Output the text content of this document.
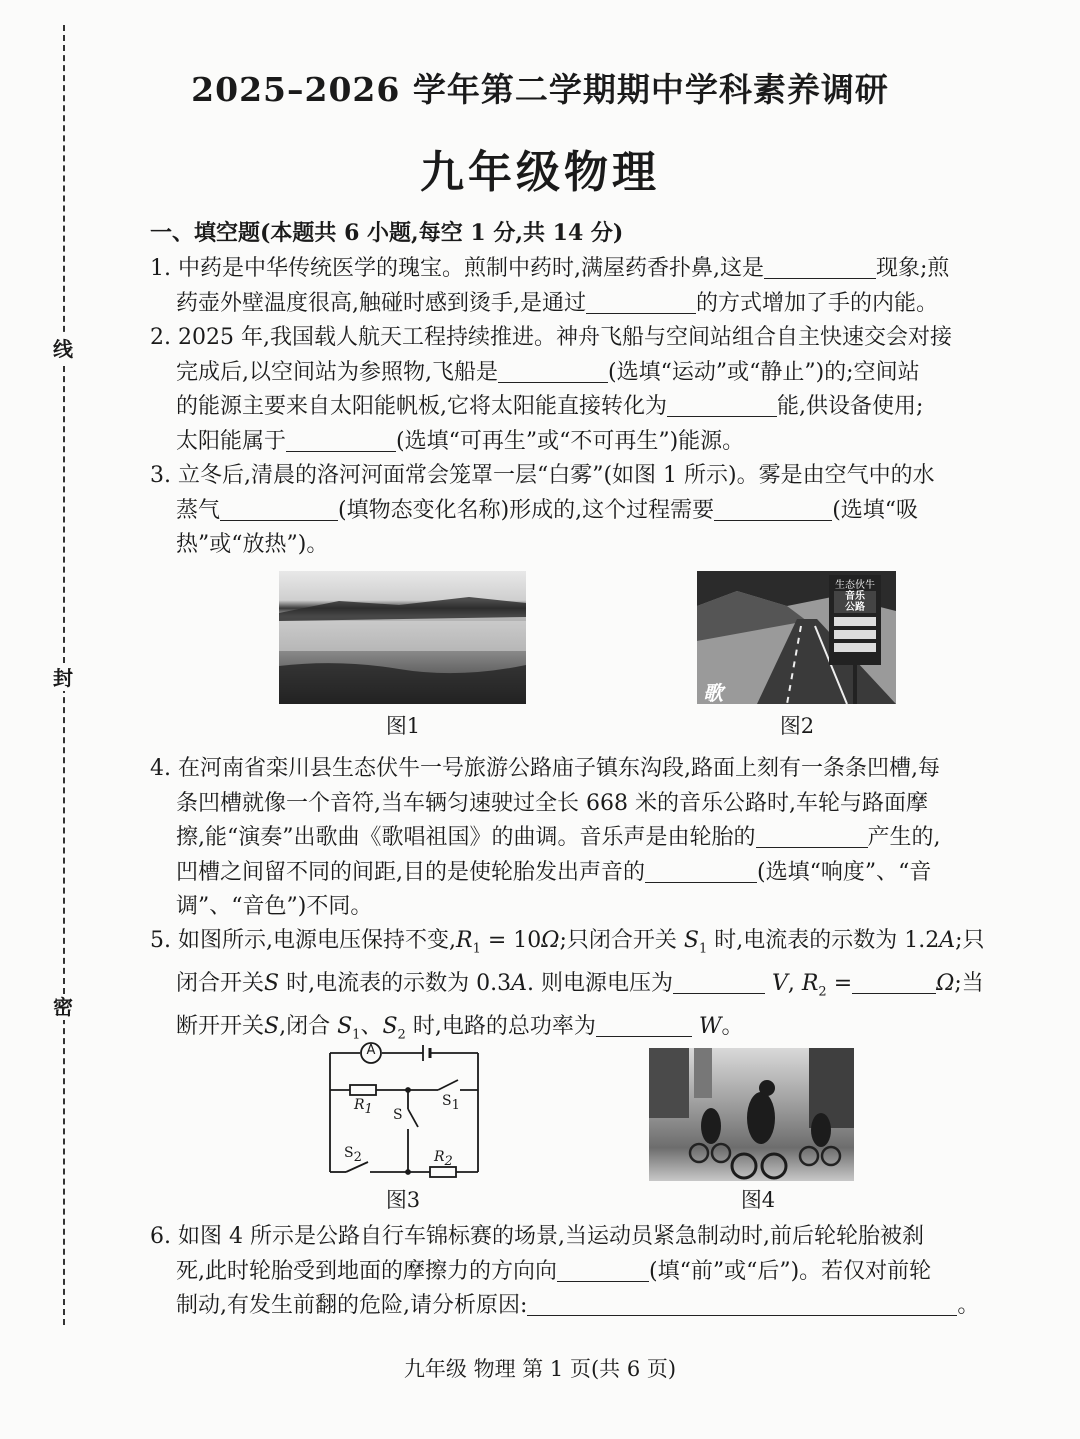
线
封
密
2025–2026 学年第二学期期中学科素养调研
九年级物理
一、填空题(本题共 6 小题,每空 1 分,共 14 分)

1. 中药是中华传统医学的瑰宝。煎制中药时,满屋药香扑鼻,这是	现象;煎

药壶外壁温度很高,触碰时感到烫手,是通过	的方式增加了手的内能。

2. 2025 年,我国载人航天工程持续推进。神舟飞船与空间站组合自主快速交会对接

完成后,以空间站为参照物,飞船是	(选填“运动”或“静止”)的;空间站

的能源主要来自太阳能帆板,它将太阳能直接转化为	能,供设备使用;

太阳能属于	(选填“可再生”或“不可再生”)能源。

3. 立冬后,清晨的洛河河面常会笼罩一层“白雾”(如图 1 所示)。雾是由空气中的水

蒸气	(填物态变化名称)形成的,这个过程需要	(选填“吸

热”或“放热”)。

图1
生态伙牛
音乐
公路
歌
图2

4. 在河南省栾川县生态伏牛一号旅游公路庙子镇东沟段,路面上刻有一条条凹槽,每

条凹槽就像一个音符,当车辆匀速驶过全长 668 米的音乐公路时,车轮与路面摩

擦,能“演奏”出歌曲《歌唱祖国》的曲调。音乐声是由轮胎的	产生的,

凹槽之间留不同的间距,目的是使轮胎发出声音的	(选填“响度”、“音

调”、“音色”)不同。

5. 如图所示,电源电压保持不变$,R_1 = 10\Omega$;只闭合开关 $S_1$ 时,电流表的示数为 1.2A;只

闭合开关S 时,电流表的示数为 0.3A. 则电源电压为	V, $R_2$ =	Ω;当

断开开关S,闭合 $S_1$、$S_2$ 时,电路的总功率为	W。

A
$R_1$ S
$S_1$
$S_2$	$R_2$
图3	图4

6. 如图 4 所示是公路自行车锦标赛的场景,当运动员紧急制动时,前后轮轮胎被刹

死,此时轮胎受到地面的摩擦力的方向向	(填“前”或“后”)。若仅对前轮

制动,有发生前翻的危险,请分析原因:	。

九年级 物理 第 1 页(共 6 页)
